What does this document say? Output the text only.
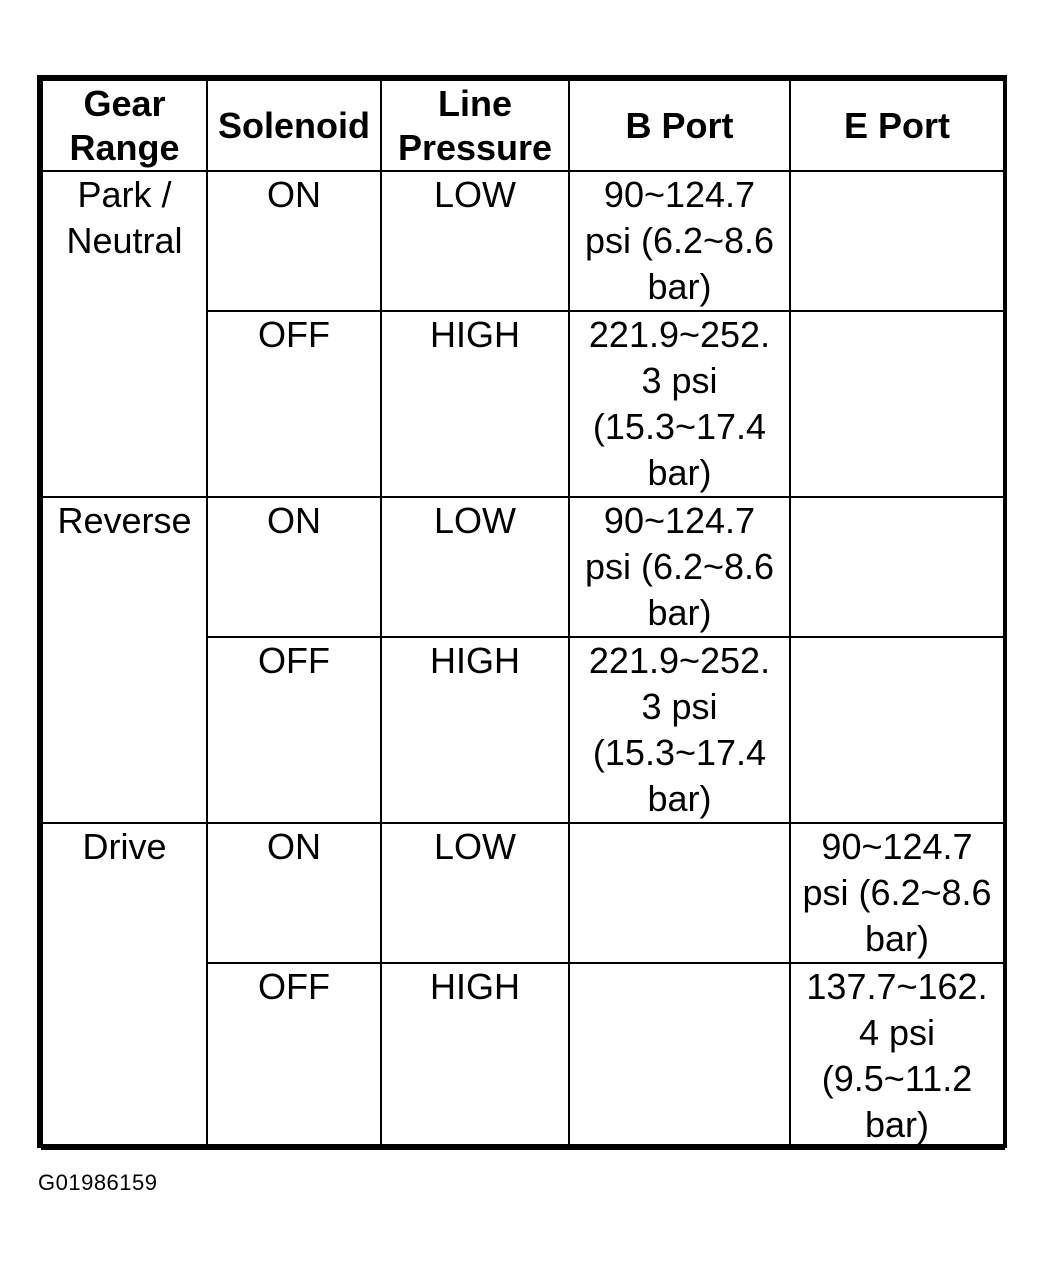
Gear
Range	Solenoid	Line
Pressure	B Port	E Port

Park /
Neutral	ON	LOW	90~124.7
psi (6.2~8.6
bar)	

	OFF	HIGH	221.9~252.
3 psi
(15.3~17.4
bar)	

Reverse	ON	LOW	90~124.7
psi (6.2~8.6
bar)	

	OFF	HIGH	221.9~252.
3 psi
(15.3~17.4
bar)	

Drive	ON	LOW		90~124.7
psi (6.2~8.6
bar)

	OFF	HIGH		137.7~162.
4 psi
(9.5~11.2
bar)
G01986159
